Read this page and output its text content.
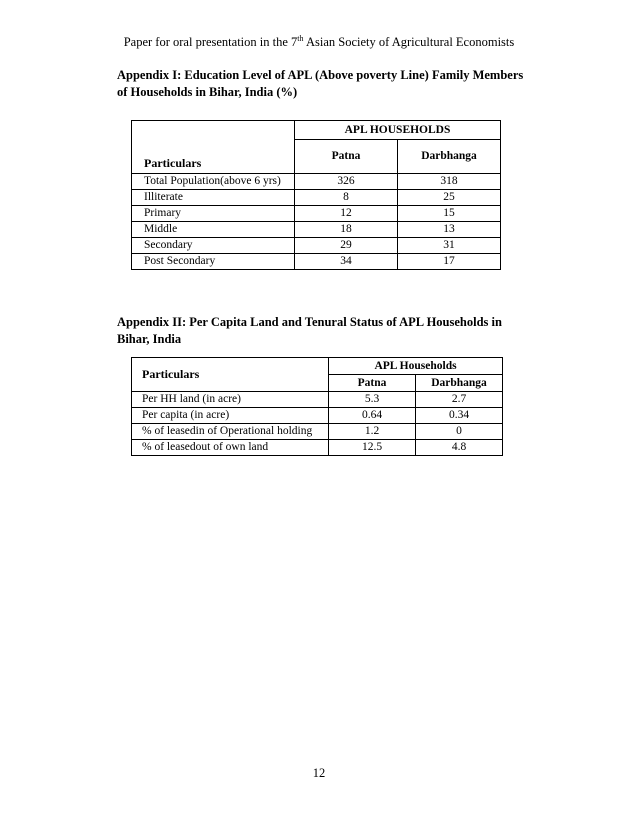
Paper for oral presentation in the 7th Asian Society of Agricultural Economists
Appendix I: Education Level of APL (Above poverty Line) Family Members of Households in Bihar, India (%)
Particulars	APL HOUSEHOLDS	
	Patna	Darbhanga
Total Population(above 6 yrs)	326	318
Illiterate	8	25
Primary	12	15
Middle	18	13
Secondary	29	31
Post Secondary	34	17
Appendix II: Per Capita Land and Tenural Status of APL Households in Bihar, India
Particulars	APL Households	
	Patna	Darbhanga
Per HH land (in acre)	5.3	2.7
Per capita (in acre)	0.64	0.34
% of leasedin of Operational holding	1.2	0
% of leasedout of own land	12.5	4.8
12
